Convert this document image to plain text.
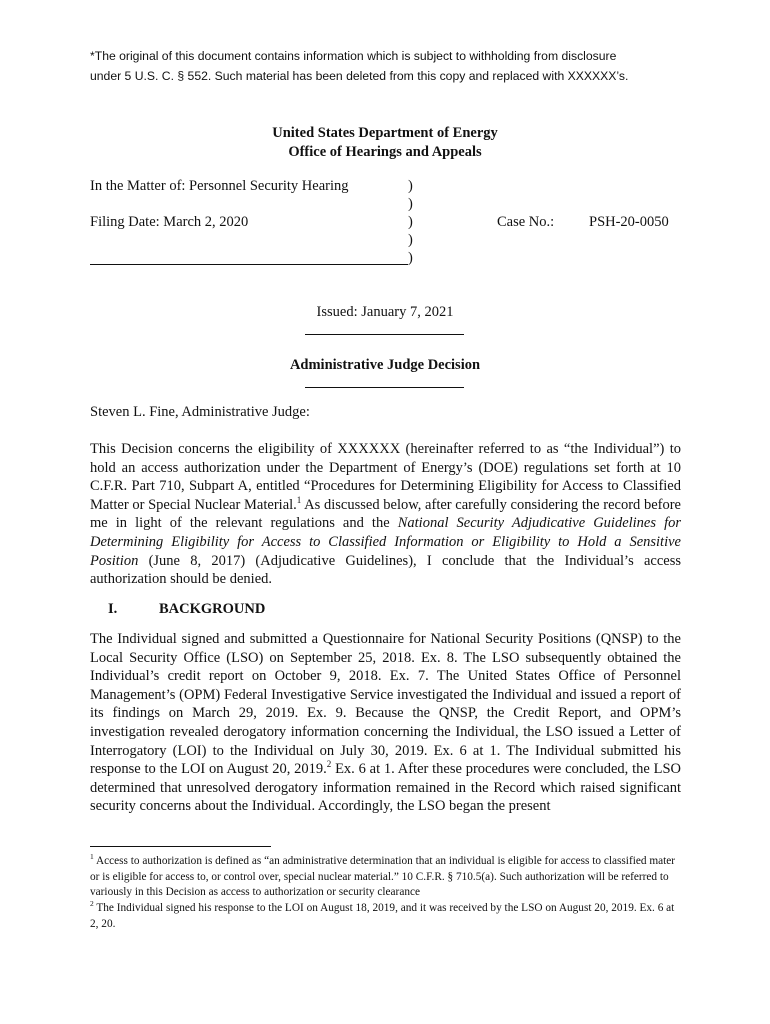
*The original of this document contains information which is subject to withholding from disclosure
under 5 U.S. C. § 552. Such material has been deleted from this copy and replaced with XXXXXX’s.
United States Department of Energy
Office of Hearings and Appeals
In the Matter of: Personnel Security Hearing
Filing Date: March 2, 2020
)
)
)
)
)
Case No.: PSH-20-0050
Issued: January 7, 2021
Administrative Judge Decision
Steven L. Fine, Administrative Judge:
This Decision concerns the eligibility of XXXXXX (hereinafter referred to as “the Individual”) to hold an access authorization under the Department of Energy’s (DOE) regulations set forth at 10 C.F.R. Part 710, Subpart A, entitled “Procedures for Determining Eligibility for Access to Classified Matter or Special Nuclear Material.$^1$ As discussed below, after carefully considering the record before me in light of the relevant regulations and the National Security Adjudicative Guidelines for Determining Eligibility for Access to Classified Information or Eligibility to Hold a Sensitive Position (June 8, 2017) (Adjudicative Guidelines), I conclude that the Individual’s access authorization should be denied.
I.	BACKGROUND
The Individual signed and submitted a Questionnaire for National Security Positions (QNSP) to the Local Security Office (LSO) on September 25, 2018. Ex. 8. The LSO subsequently obtained the Individual’s credit report on October 9, 2018. Ex. 7. The United States Office of Personnel Management’s (OPM) Federal Investigative Service investigated the Individual and issued a report of its findings on March 29, 2019. Ex. 9. Because the QNSP, the Credit Report, and OPM’s investigation revealed derogatory information concerning the Individual, the LSO issued a Letter of Interrogatory (LOI) to the Individual on July 30, 2019. Ex. 6 at 1. The Individual submitted his response to the LOI on August 20, 2019.$^2$ Ex. 6 at 1. After these procedures were concluded, the LSO determined that unresolved derogatory information remained in the Record which raised significant security concerns about the Individual. Accordingly, the LSO began the present
$^1$ Access to authorization is defined as “an administrative determination that an individual is eligible for access to classified mater or is eligible for access to, or control over, special nuclear material.” 10 C.F.R. § 710.5(a). Such authorization will be referred to variously in this Decision as access to authorization or security clearance
$^2$ The Individual signed his response to the LOI on August 18, 2019, and it was received by the LSO on August 20, 2019. Ex. 6 at 2, 20.
